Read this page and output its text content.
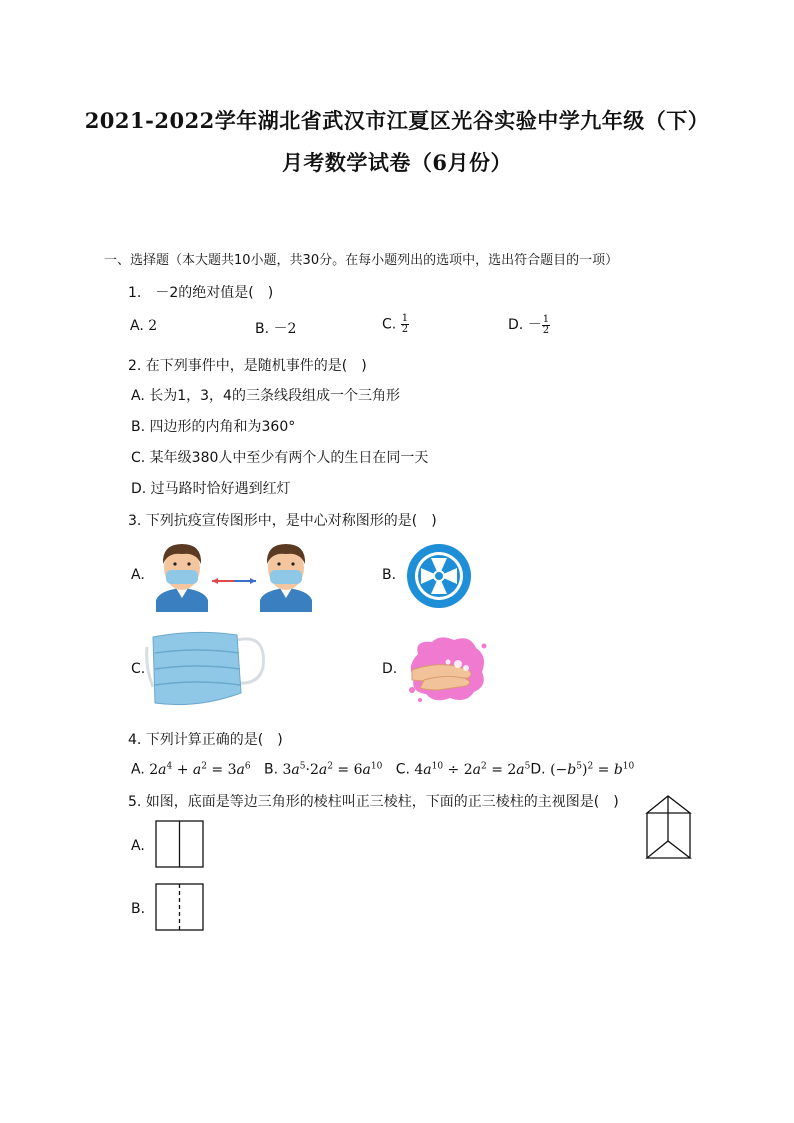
2021-2022学年湖北省武汉市江夏区光谷实验中学九年级（下）
月考数学试卷（6月份）
一、选择题（本大题共10小题，共30分。在每小题列出的选项中，选出符合题目的一项）
1.　－2的绝对值是(　)
A. 2	B. －2	C. $\frac{1}{2}$	D. － $\frac{1}{2}$
2. 在下列事件中，是随机事件的是(　)
A. 长为1，3，4的三条线段组成一个三角形
B. 四边形的内角和为360°
C. 某年级380人中至少有两个人的生日在同一天
D. 过马路时恰好遇到红灯
3. 下列抗疫宣传图形中，是中心对称图形的是(　)
A.	B.
C.	D.
4. 下列计算正确的是(　)
A. $2a^4 + a^2 = 3a^6$ B. $3a^5\cdot 2a^2 = 6a^{10}$ C. $4a^{10} \div 2a^2 = 2a^5D$. $(-b^5)^2 = b^{10}$
5. 如图，底面是等边三角形的棱柱叫正三棱柱，下面的正三棱柱的主视图是(　)
A.
B.
